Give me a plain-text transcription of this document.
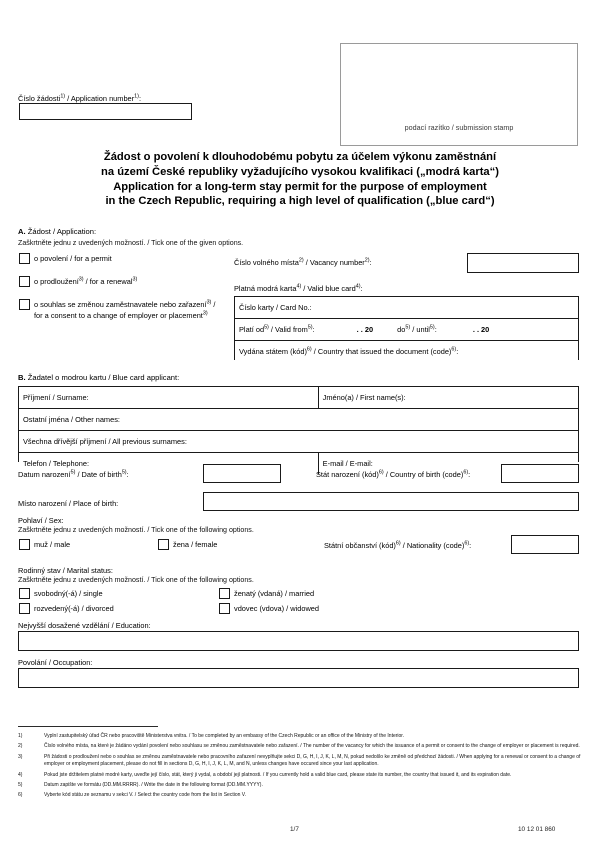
Číslo žádosti$^{1)}$ / Application number$^{1)}$:
podací razítko / submission stamp
Žádost o povolení k dlouhodobému pobytu za účelem výkonu zaměstnání
na území České republiky vyžadujícího vysokou kvalifikaci („modrá karta“)
Application for a long-term stay permit for the purpose of employment
in the Czech Republic, requiring a high level of qualification („blue card“)
A. Žádost / Application:
Zaškrtněte jednu z uvedených možností. / Tick one of the given options.
o povolení / for a permit
o prodloužení$^{3)}$ / for a renewal$^{3)}$
o souhlas se změnou zaměstnavatele nebo zařazení$^{3)}$ / for a consent to a change of employer or placement$^{3)}$
Číslo volného místa$^{2)}$ / Vacancy number$^{2)}$:
Platná modrá karta$^{4)}$ / Valid blue card$^{4)}$:
Číslo karty / Card No.:
Platí $od^{5)}$ / Valid from$^{5)}$:	. . 20	$do^{5)}$ / until$^{5)}$:	. . 20
Vydána státem (kód)$^{6)}$ / Country that issued the document (code)$^{6)}$:
B. Žadatel o modrou kartu / Blue card applicant:
Příjmení / Surname:	Jméno(a) / First name(s):
Ostatní jména / Other names:	
Všechna dřívější příjmení / All previous surnames:	
Telefon / Telephone:	E-mail / E-mail:
Datum narození$^{5)}$ / Date of birth$^{5)}$:	Stát narození (kód)$^{6)}$ / Country of birth (code)$^{6)}$:
Místo narození / Place of birth:
Pohlaví / Sex:
Zaškrtněte jednu z uvedených možností. / Tick one of the following options.
muž / male	žena / female	Státní občanství (kód)$^{6)}$ / Nationality (code)$^{6)}$:
Rodinný stav / Marital status:
Zaškrtněte jednu z uvedených možností. / Tick one of the following options.
svobodný(-á) / single	ženatý (vdaná) / married
rozvedený(-á) / divorced	vdovec (vdova) / widowed
Nejvyšší dosažené vzdělání / Education:
Povolání / Occupation:
1)	Vyplní zastupitelský úřad ČR nebo pracoviště Ministerstva vnitra. / To be completed by an embassy of the Czech Republic or an office of the Ministry of the Interior.
2)	Číslo volného místa, na které je žádáno vydání povolení nebo souhlasu se změnou zaměstnavatele nebo zařazení. / The number of the vacancy for which the issuance of a permit or consent to the change of employer or placement is required.
3)	Při žádosti o prodloužení nebo o souhlas se změnou zaměstnavatele nebo pracovního zařazení nevyplňujte sekci D, G, H, I, J, K, L, M, N, pokud nedošlo ke změně od předchozí žádosti. / When applying for a renewal or consent to a change of employer or employment placement, please do not fill in sections D, G, H, I, J, K, L, M, and N, unless changes have occured since your last application.
4)	Pokud jste držitelem platné modré karty, uveďte její číslo, stát, který ji vydal, a období její platnosti. / If you currently hold a valid blue card, please state its number, the country that issued it, and its expiration date.
5)	Datum zapište ve formátu (DD.MM.RRRR). / Write the date in the following format (DD.MM.YYYY).
6)	Vyberte kód státu ze seznamu v sekci V. / Select the country code from the list in Section V.
1/7	10 12 01 860
